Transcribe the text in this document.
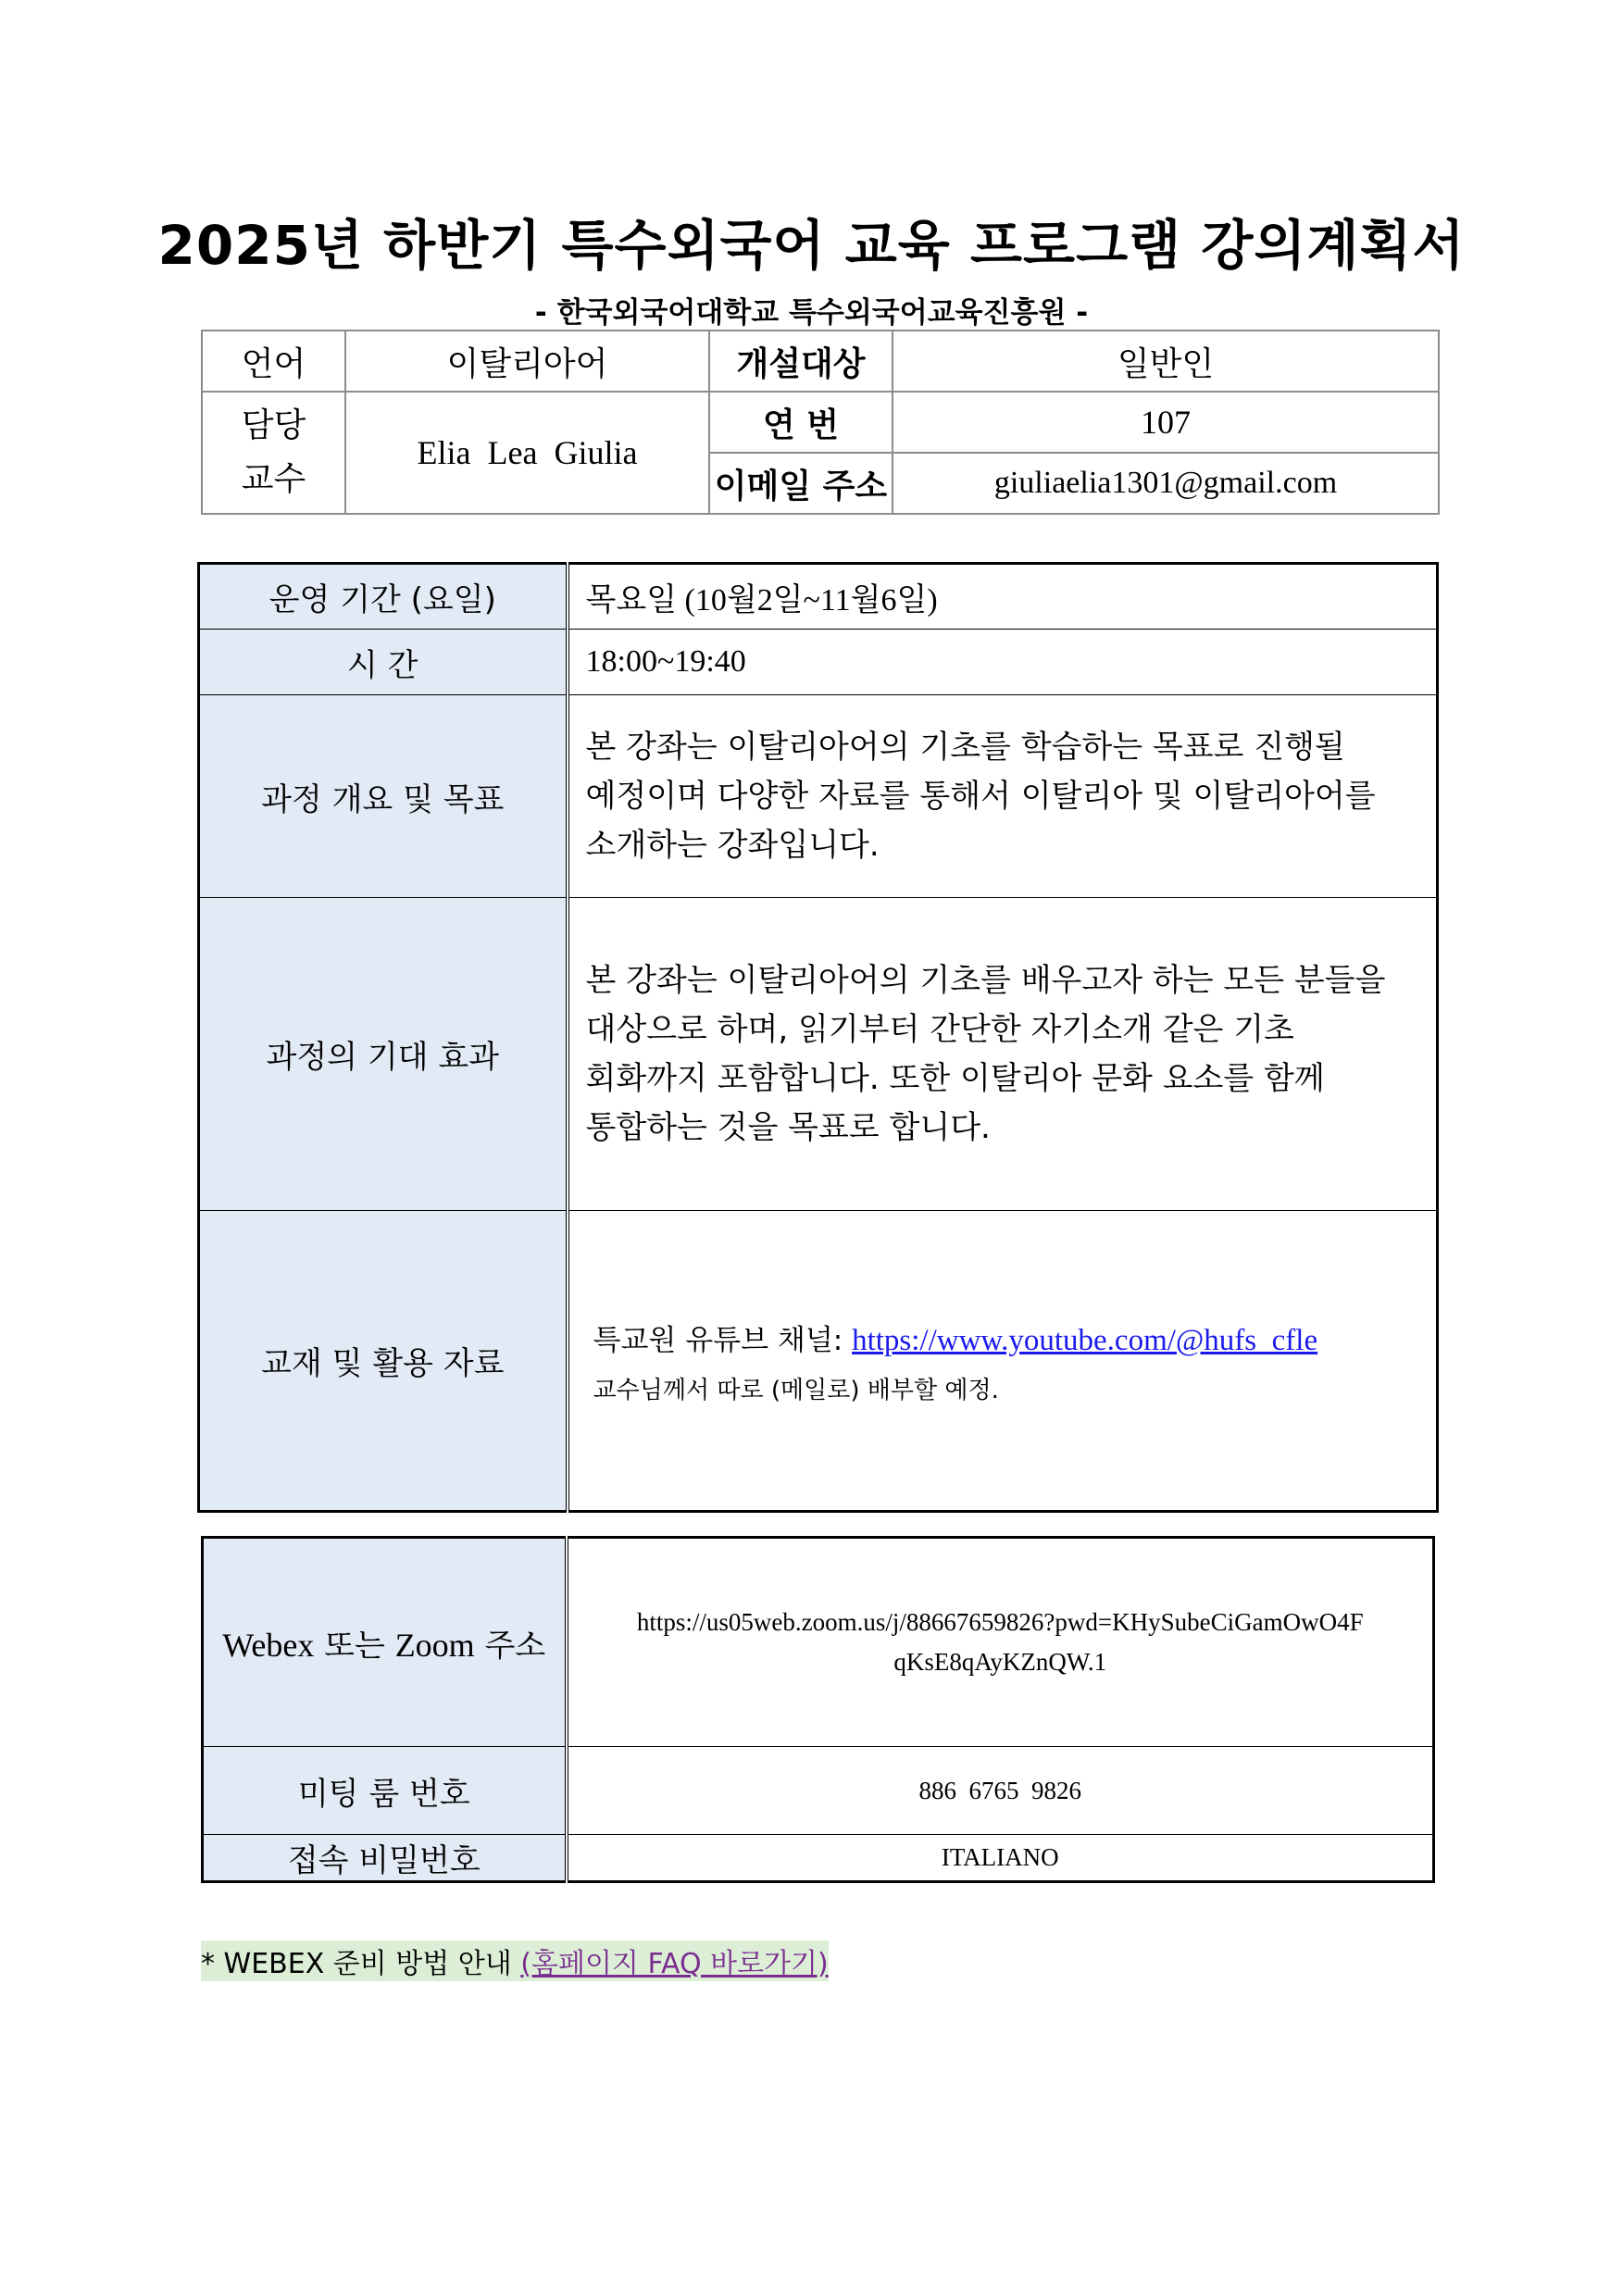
2025년 하반기 특수외국어 교육 프로그램 강의계획서
- 한국외국어대학교 특수외국어교육진흥원 -
언어	이탈리아어	개설대상	일반인

담당
교수	Elia  Lea  Giulia	연 번	107
		이메일 주소	giuliaelia1301@gmail.com
운영 기간 (요일)	목요일 (10월2일~11월6일)
시 간	18:00~19:40
과정 개요 및 목표	본 강좌는 이탈리아어의 기초를 학습하는 목표로 진행될
예정이며 다양한 자료를 통해서 이탈리아 및 이탈리아어를
소개하는 강좌입니다.

과정의 기대 효과	본 강좌는 이탈리아어의 기초를 배우고자 하는 모든 분들을
대상으로 하며, 읽기부터 간단한 자기소개 같은 기초
회화까지 포함합니다. 또한 이탈리아 문화 요소를 함께
통합하는 것을 목표로 합니다.

교재 및 활용 자료	특교원 유튜브 채널: https://www.youtube.com/@hufs_cfle
교수님께서 따로 (메일로) 배부할 예정.
Webex 또는 Zoom 주소	https://us05web.zoom.us/j/88667659826?pwd=KHySubeCiGamOwO4F
qKsE8qAyKZnQW.1

미팅 룸 번호	886  6765  9826
접속 비밀번호	ITALIANO
* WEBEX 준비 방법 안내 (홈페이지 FAQ 바로가기)
